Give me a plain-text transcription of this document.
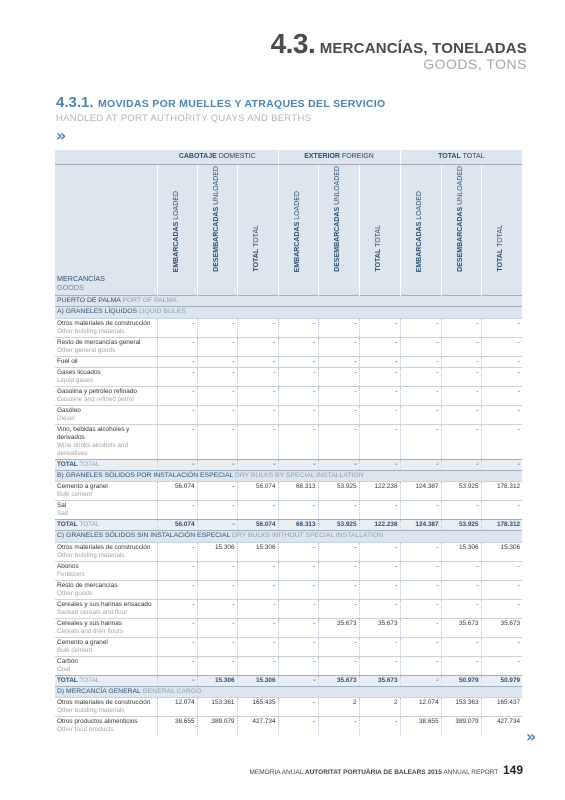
4.3. MERCANCÍAS, TONELADAS
GOODS, TONS
4.3.1. MOVIDAS POR MUELLES Y ATRAQUES DEL SERVICIO
HANDLED AT PORT AUTHORITY QUAYS AND BERTHS
»
	CABOTAJE DOMESTIC			EXTERIOR FOREIGN			TOTAL TOTAL		

MERCANCÍAS
GOODS	EMBARCADAS LOADED	DESEMBARCADAS UNLOADED	TOTAL TOTAL	EMBARCADAS LOADED	DESEMBARCADAS UNLOADED	TOTAL TOTAL	EMBARCADAS LOADED	DESEMBARCADAS UNLOADED	TOTAL TOTAL
PUERTO DE PALMA PORT OF PALMA									
A) GRANELES LÍQUIDOS LIQUID BULKS									

Otros materiales de construcción
Other building materials	-	-	-	-	-	-	-	-	-

Resto de mercancías general
Other general goods	-	-	-	-	-	-	-	-	-

Fuel oil	-	-	-	-	-	-	-	-	-

Gases licuados
Liquid gases	-	-	-	-	-	-	-	-	-

Gasolina y petróleo refinado
Gasoline and refined petrol	-	-	-	-	-	-	-	-	-

Gasóleo
Diesel	-	-	-	-	-	-	-	-	-

Vino, bebidas alcoholes y derivados
Wine drinks alcohols and derivatives	-	-	-	-	-	-	-	-	-
TOTAL TOTAL	-	-	-	-	-	-	-	-	-
B) GRANELES SÓLIDOS POR INSTALACIÓN ESPECIAL DRY BULKS BY SPECIAL INSTALLATION									

Cemento a granel
Bulk cement	56.074	-	56.074	68.313	53.925	122.238	124.387	53.925	178.312

Sal
Salt	-	-	-	-	-	-	-	-	-
TOTAL TOTAL	56.074	-	56.074	68.313	53.925	122.238	124.387	53.925	178.312
C) GRANELES SÓLIDOS SIN INSTALACIÓN ESPECIAL DRY BULKS WITHOUT SPECIAL INSTALLATION									

Otros materiales de construcción
Other building materials	-	15.306	15.306	-	-	-	-	15.306	15.306

Abonos
Fertilizers	-	-	-	-	-	-	-	-	-

Resto de mercancías
Other goods	-	-	-	-	-	-	-	-	-

Cereales y sus harinas ensacado
Sacked cereals and flour	-	-	-	-	-	-	-	-	-

Cereales y sus harinas
Cereals and their flours	-	-	-	-	35.673	35.673	-	35.673	35.673

Cemento a granel
Bulk cement	-	-	-	-	-	-	-	-	-

Carbón
Coal	-	-	-	-	-	-	-	-	-
TOTAL TOTAL	-	15.306	15.306	-	35.673	35.673	-	50.979	50.979
D) MERCANCÍA GENERAL GENERAL CARGO									

Otros materiales de construcción
Other building materials	12.074	153.361	165.435	-	2	2	12.074	153.363	165.437

Otros productos alimenticios
Other food products	38.655	389.079	427.734	-	-	-	38.655	389.079	427.734
»
MEMORIA ANUAL AUTORITAT PORTUÀRIA DE BALEARS 2015 ANNUAL REPORT 149
